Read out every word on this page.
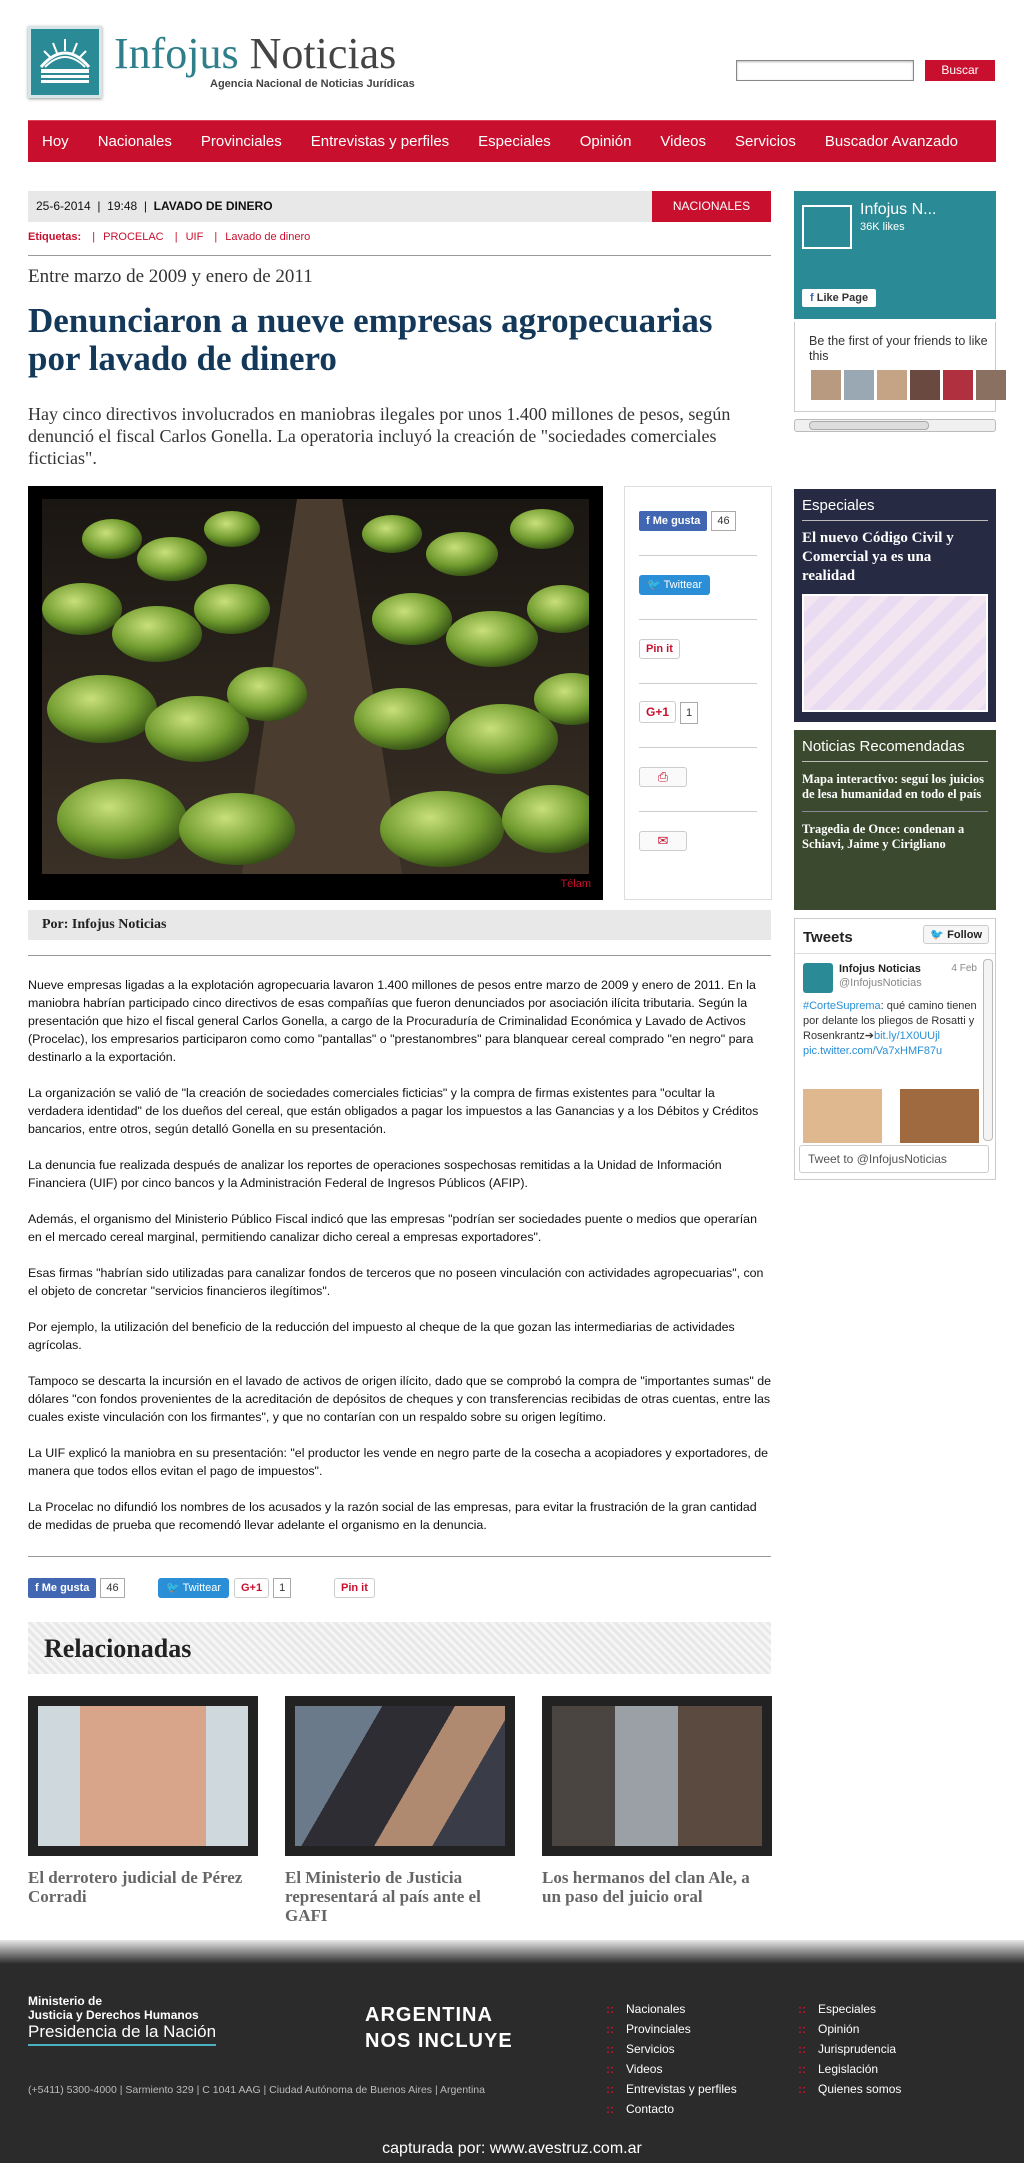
Infojus Noticias
Agencia Nacional de Noticias Jurídicas
Buscar
Hoy Nacionales Provinciales Entrevistas y perfiles Especiales Opinión Videos Servicios Buscador Avanzado
25-6-2014  |  19:48  |  LAVADO DE DINERO	NACIONALES
Etiquetas: | PROCELAC | UIF | Lavado de dinero
Entre marzo de 2009 y enero de 2011
Denunciaron a nueve empresas agropecuarias por lavado de dinero
Hay cinco directivos involucrados en maniobras ilegales por unos 1.400 millones de pesos, según denunció el fiscal Carlos Gonella. La operatoria incluyó la creación de "sociedades comerciales ficticias".
Télam
f Me gusta 46
🐦 Twittear
Pin it
G+1 1
⎙
✉
Por: Infojus Noticias

Nueve empresas ligadas a la explotación agropecuaria lavaron 1.400 millones de pesos entre marzo de 2009 y enero de 2011. En la maniobra habrían participado cinco directivos de esas compañías que fueron denunciados por asociación ilícita tributaria. Según la presentación que hizo el fiscal general Carlos Gonella, a cargo de la Procuraduría de Criminalidad Económica y Lavado de Activos (Procelac), los empresarios participaron como como "pantallas" o "prestanombres" para blanquear cereal comprado "en negro" para destinarlo a la exportación.

La organización se valió de "la creación de sociedades comerciales ficticias" y la compra de firmas existentes para "ocultar la verdadera identidad" de los dueños del cereal, que están obligados a pagar los impuestos a las Ganancias y a los Débitos y Créditos bancarios, entre otros, según detalló Gonella en su presentación.

La denuncia fue realizada después de analizar los reportes de operaciones sospechosas remitidas a la Unidad de Información Financiera (UIF) por cinco bancos y la Administración Federal de Ingresos Públicos (AFIP).

Además, el organismo del Ministerio Público Fiscal indicó que las empresas "podrían ser sociedades puente o medios que operarían en el mercado cereal marginal, permitiendo canalizar dicho cereal a empresas exportadores".

Esas firmas "habrían sido utilizadas para canalizar fondos de terceros que no poseen vinculación con actividades agropecuarias", con el objeto de concretar "servicios financieros ilegítimos".

Por ejemplo, la utilización del beneficio de la reducción del impuesto al cheque de la que gozan las intermediarias de actividades agrícolas.

Tampoco se descarta la incursión en el lavado de activos de origen ilícito, dado que se comprobó la compra de "importantes sumas" de dólares "con fondos provenientes de la acreditación de depósitos de cheques y con transferencias recibidas de otras cuentas, entre las cuales existe vinculación con los firmantes", y que no contarían con un respaldo sobre su origen legítimo.

La UIF explicó la maniobra en su presentación: "el productor les vende en negro parte de la cosecha a acopiadores y exportadores, de manera que todos ellos evitan el pago de impuestos".

La Procelac no difundió los nombres de los acusados y la razón social de las empresas, para evitar la frustración de la gran cantidad de medidas de prueba que recomendó llevar adelante el organismo en la denuncia.

f Me gusta 46	🐦 Twittear	G+1 1	Pin it
Relacionadas
El derrotero judicial de Pérez Corradi
El Ministerio de Justicia representará al país ante el GAFI
Los hermanos del clan Ale, a un paso del juicio oral
Infojus N...
36K likes
f Like Page
Be the first of your friends to like this
Especiales
El nuevo Código Civil y Comercial ya es una realidad
Noticias Recomendadas
Mapa interactivo: seguí los juicios de lesa humanidad en todo el país
Tragedia de Once: condenan a Schiavi, Jaime y Cirigliano
Tweets	🐦 Follow
Infojus Noticias	4 Feb
@InfojusNoticias
#CorteSuprema: qué camino tienen por delante los pliegos de Rosatti y Rosenkrantz➔bit.ly/1X0UUjl pic.twitter.com/Va7xHMF87u
Tweet to @InfojusNoticias
Ministerio de
Justicia y Derechos Humanos
Presidencia de la Nación
(+5411) 5300-4000 | Sarmiento 329 | C 1041 AAG | Ciudad Autónoma de Buenos Aires | Argentina
ARGENTINA
NOS INCLUYE
:: Nacionales
:: Provinciales
:: Servicios
:: Videos
:: Entrevistas y perfiles
:: Contacto
:: Especiales
:: Opinión
:: Jurisprudencia
:: Legislación
:: Quienes somos
capturada por: www.avestruz.com.ar
